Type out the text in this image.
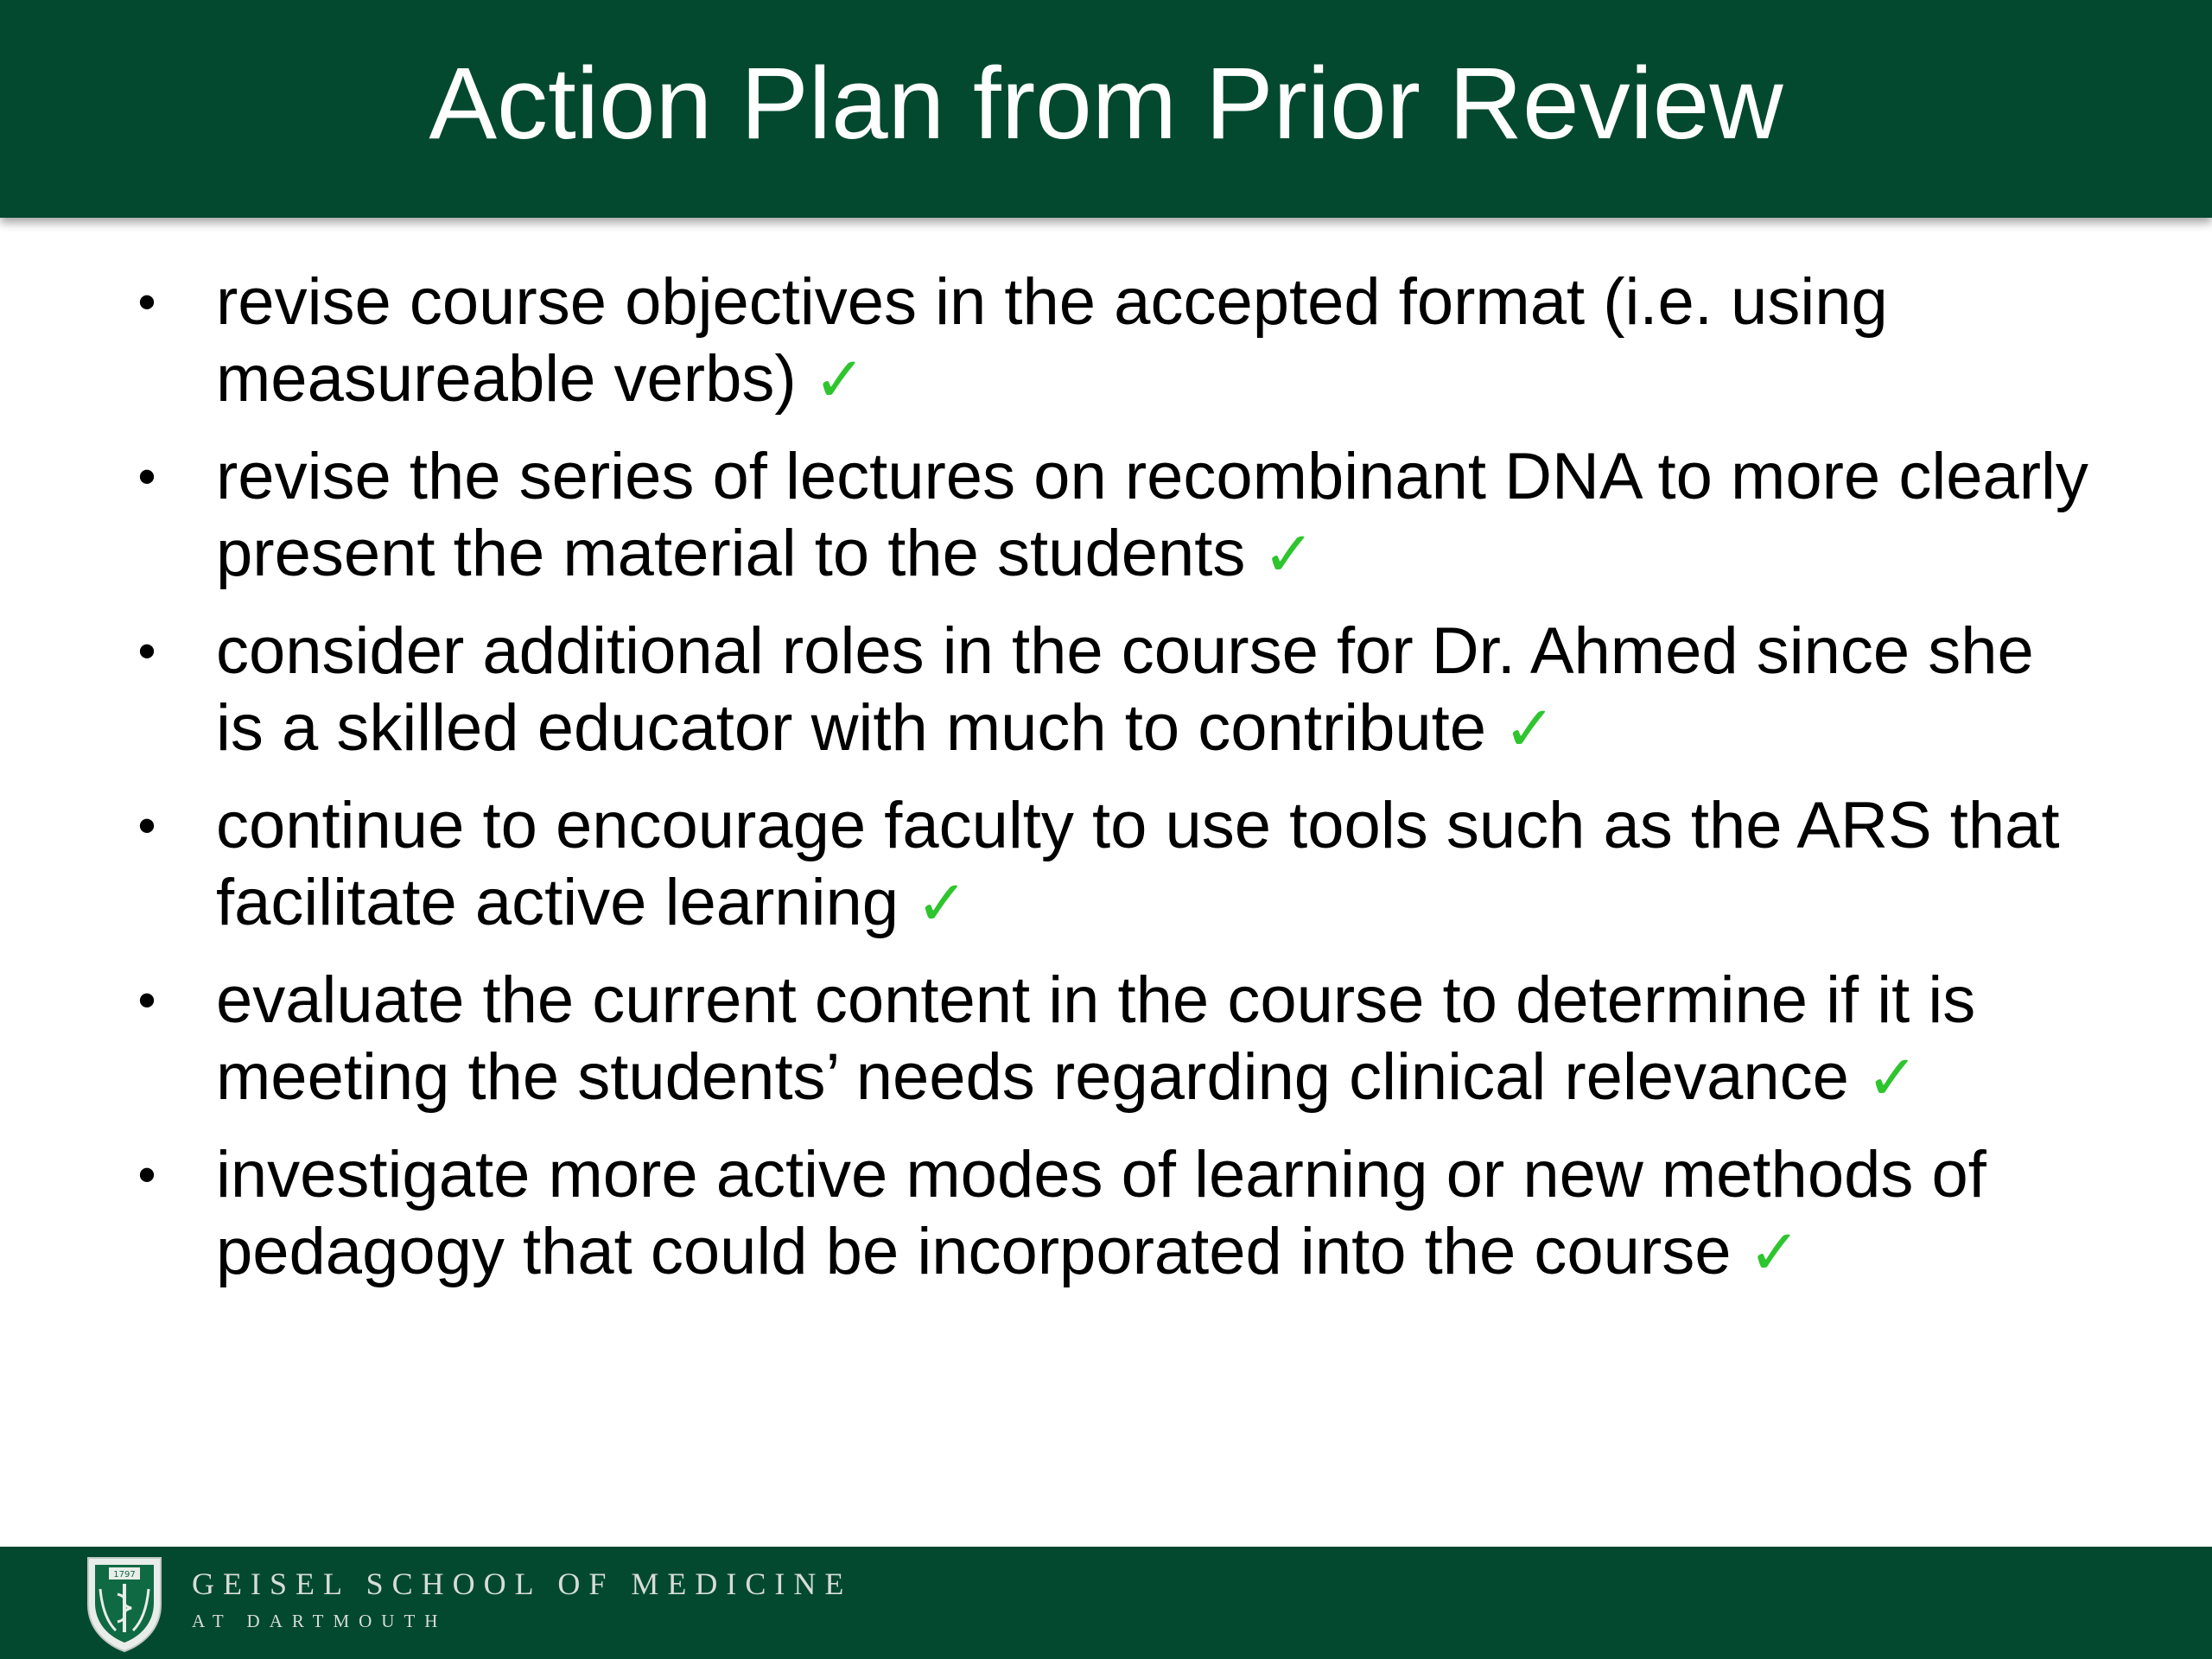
Action Plan from Prior Review
• revise course objectives in the accepted format (i.e. using measureable verbs) ✓
• revise the series of lectures on recombinant DNA to more clearly present the material to the students ✓
• consider additional roles in the course for Dr. Ahmed since she is a skilled educator with much to contribute ✓
• continue to encourage faculty to use tools such as the ARS that facilitate active learning ✓
• evaluate the current content in the course to determine if it is meeting the students’ needs regarding clinical relevance ✓
• investigate more active modes of learning or new methods of pedagogy that could be incorporated into the course ✓
1797 GEISEL SCHOOL OF MEDICINE
AT DARTMOUTH
